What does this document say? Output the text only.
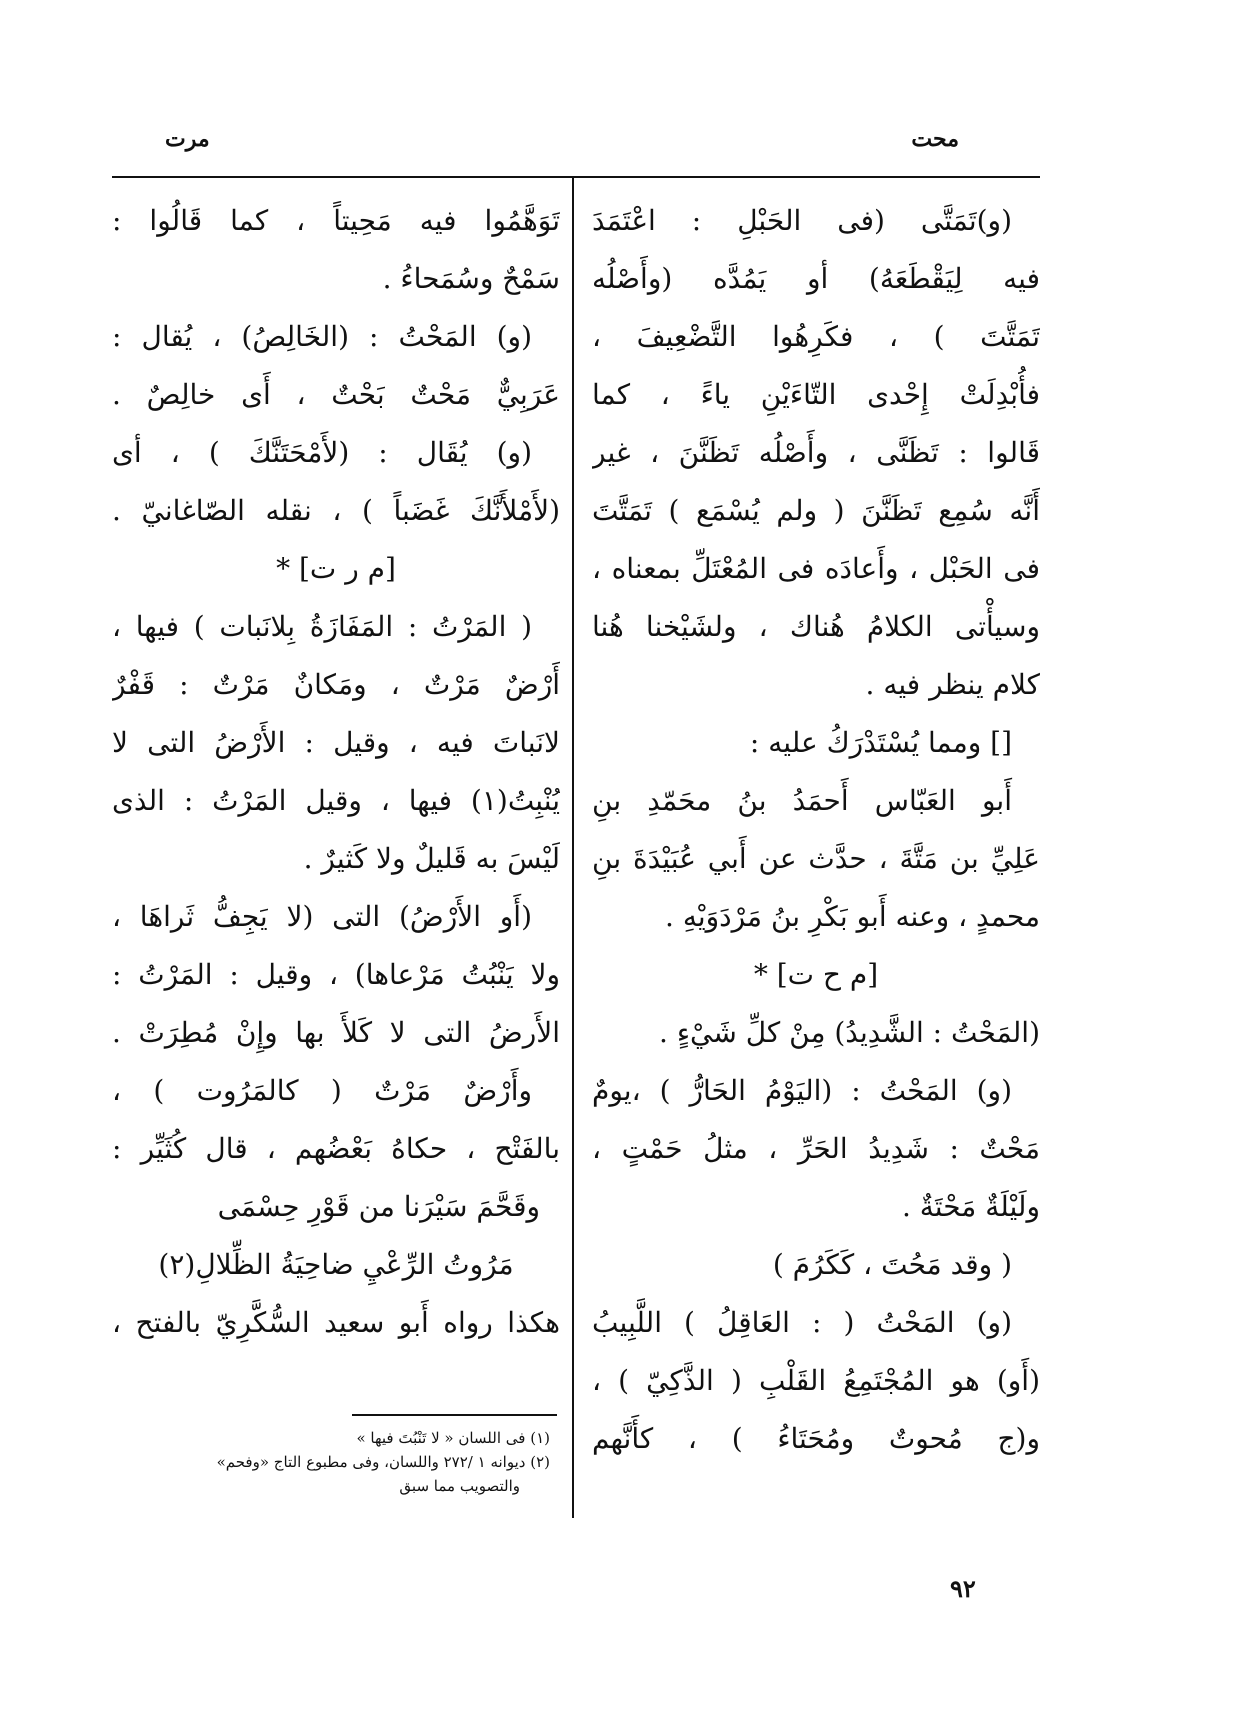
محت
مرت
(و)تَمَتَّى (فى الحَبْلِ : اعْتَمَدَ
فيه لِيَقْطَعَهُ) أو يَمُدَّه (وأَصْلُه
تَمَتَّتَ ) ، فكَرِهُوا التَّضْعِيفَ ،
فأُبْدِلَتْ إِحْدى التّاءَيْنِ ياءً ، كما
قَالوا : تَظَنَّى ، وأَصْلُه تَظَنَّنَ ، غير
أَنَّه سُمِع تَظَنَّنَ ( ولم يُسْمَع ) تَمَتَّتَ
فى الحَبْل ، وأَعادَه فى المُعْتَلِّ بمعناه ،
وسيأْتى الكلامُ هُناك ، ولشَيْخنا هُنا
كلام ينظر فيه .
[] ومما يُسْتَدْرَكُ عليه :
أَبو العَبّاس أَحمَدُ بنُ محَمّدِ بنِ
عَلِيِّ بن مَتَّةَ ، حدَّث عن أَبي عُبَيْدَةَ بنِ
محمدٍ ، وعنه أَبو بَكْرِ بنُ مَرْدَوَيْهِ .
[م ح ت] *
(المَحْتُ : الشَّدِيدُ) مِنْ كلِّ شَيْءٍ .
(و) المَحْتُ : (اليَوْمُ الحَارُّ ) ،يومٌ
مَحْتٌ : شَدِيدُ الحَرِّ ، مثلُ حَمْتٍ ،
ولَيْلَةٌ مَحْتَةٌ .
( وقد مَحُتَ ، كَكَرُمَ )
(و) المَحْتُ ( : العَاقِلُ ) اللَّبِيبُ
(أَو) هو المُجْتَمِعُ القَلْبِ ( الذَّكِيّ ) ،
و(ج مُحوتٌ ومُحَتَاءُ ) ، كأَنَّهم
تَوَهَّمُوا فيه مَحِيتاً ، كما قَالُوا :
سَمْحٌ وسُمَحاءُ .
(و) المَحْتُ : (الخَالِصُ) ، يُقال :
عَرَبِيٌّ مَحْتٌ بَحْتٌ ، أَى خالِصٌ .
(و) يُقَال : (لأَمْحَتَنَّكَ ) ، أى
(لأَمْلأَنَّكَ غَضَباً ) ، نقله الصّاغانيّ .
[م ر ت] *
( المَرْتُ : المَفَازَةُ بِلانَبات ) فيها ،
أَرْضٌ مَرْتٌ ، ومَكانٌ مَرْتٌ : قَفْرٌ
لانَباتَ فيه ، وقيل : الأَرْضُ التى لا
يُنْبِتُ(١) فيها ، وقيل المَرْتُ : الذى
لَيْسَ به قَليلٌ ولا كَثيرٌ .
(أَو الأَرْضُ) التى (لا يَجِفُّ ثَراهَا ،
ولا يَنْبُتُ مَرْعاها) ، وقيل : المَرْتُ :
الأَرضُ التى لا كَلأَ بها وإِنْ مُطِرَتْ .
وأَرْضٌ مَرْتٌ ( كالمَرُوت ) ،
بالفَتْح ، حكاهُ بَعْضُهم ، قال كُثَيِّر :
وقَحَّمَ سَيْرَنا من قَوْرِ حِسْمَى
مَرُوتُ الرِّعْيِ ضاحِيَةُ الظِّلالِ(٢)
هكذا رواه أَبو سعيد السُّكَّرِيّ بالفتح ،
(١) فى اللسان « لا تَنْبُتَ فيها »
(٢) ديوانه ١ /٢٧٢ واللسان، وفى مطبوع التاج «وفحم»
والتصويب مما سبق
٩٢
